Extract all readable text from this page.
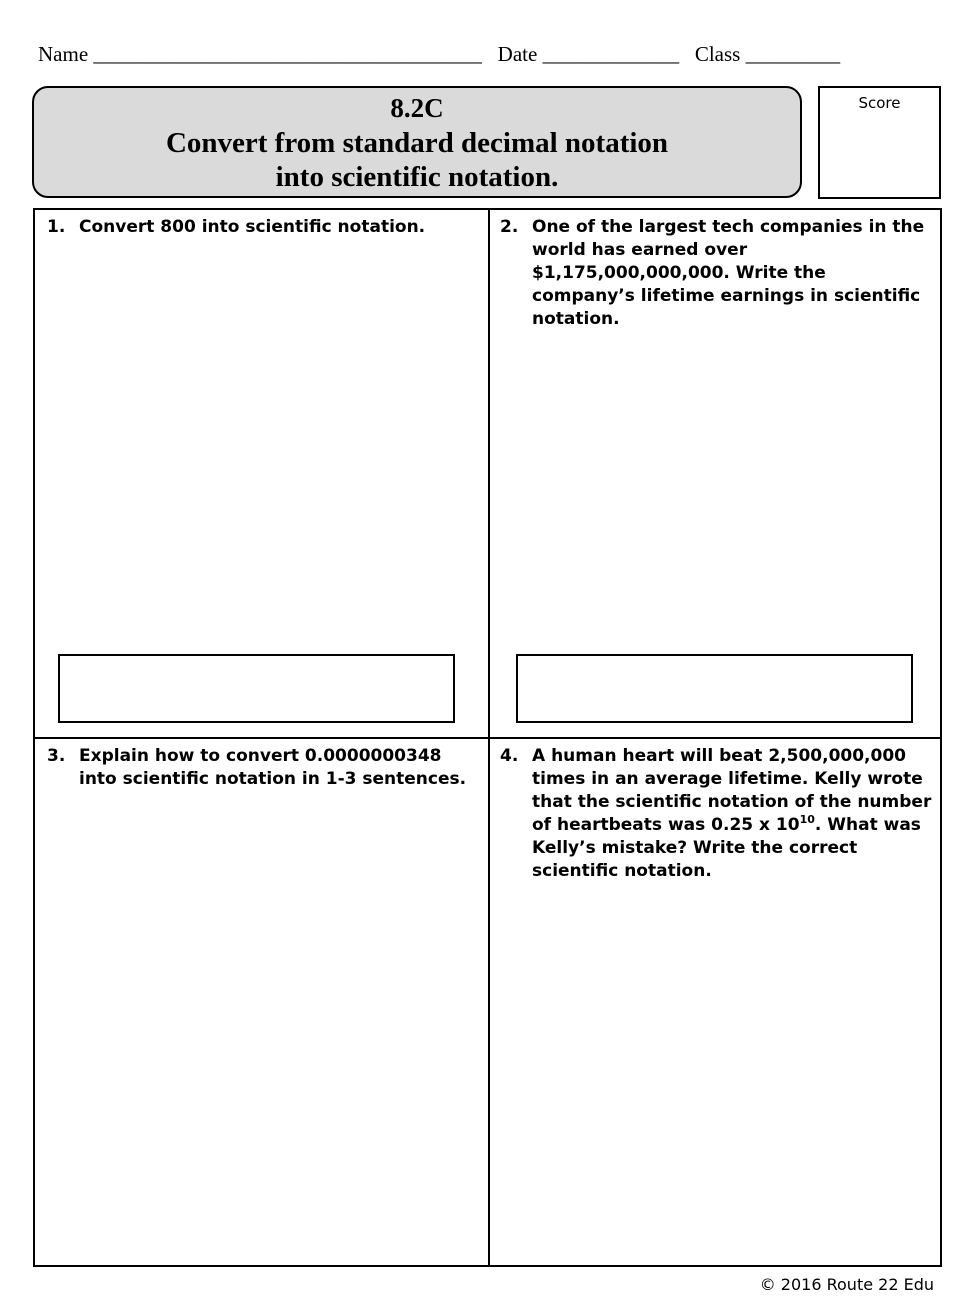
Name _____________________________________ Date _____________ Class _________
8.2C
Convert from standard decimal notation
into scientific notation.
Score
1. Convert 800 into scientific notation.	2. One of the largest tech companies in the world has earned over $1,175,000,000,000. Write the company’s lifetime earnings in scientific notation.
3. Explain how to convert 0.0000000348 into scientific notation in 1-3 sentences.
4. A human heart will beat 2,500,000,000 times in an average lifetime. Kelly wrote that the scientific notation of the number of heartbeats was 0.25 x $10^{10}$. What was Kelly’s mistake? Write the correct scientific notation.
© 2016 Route 22 Edu
